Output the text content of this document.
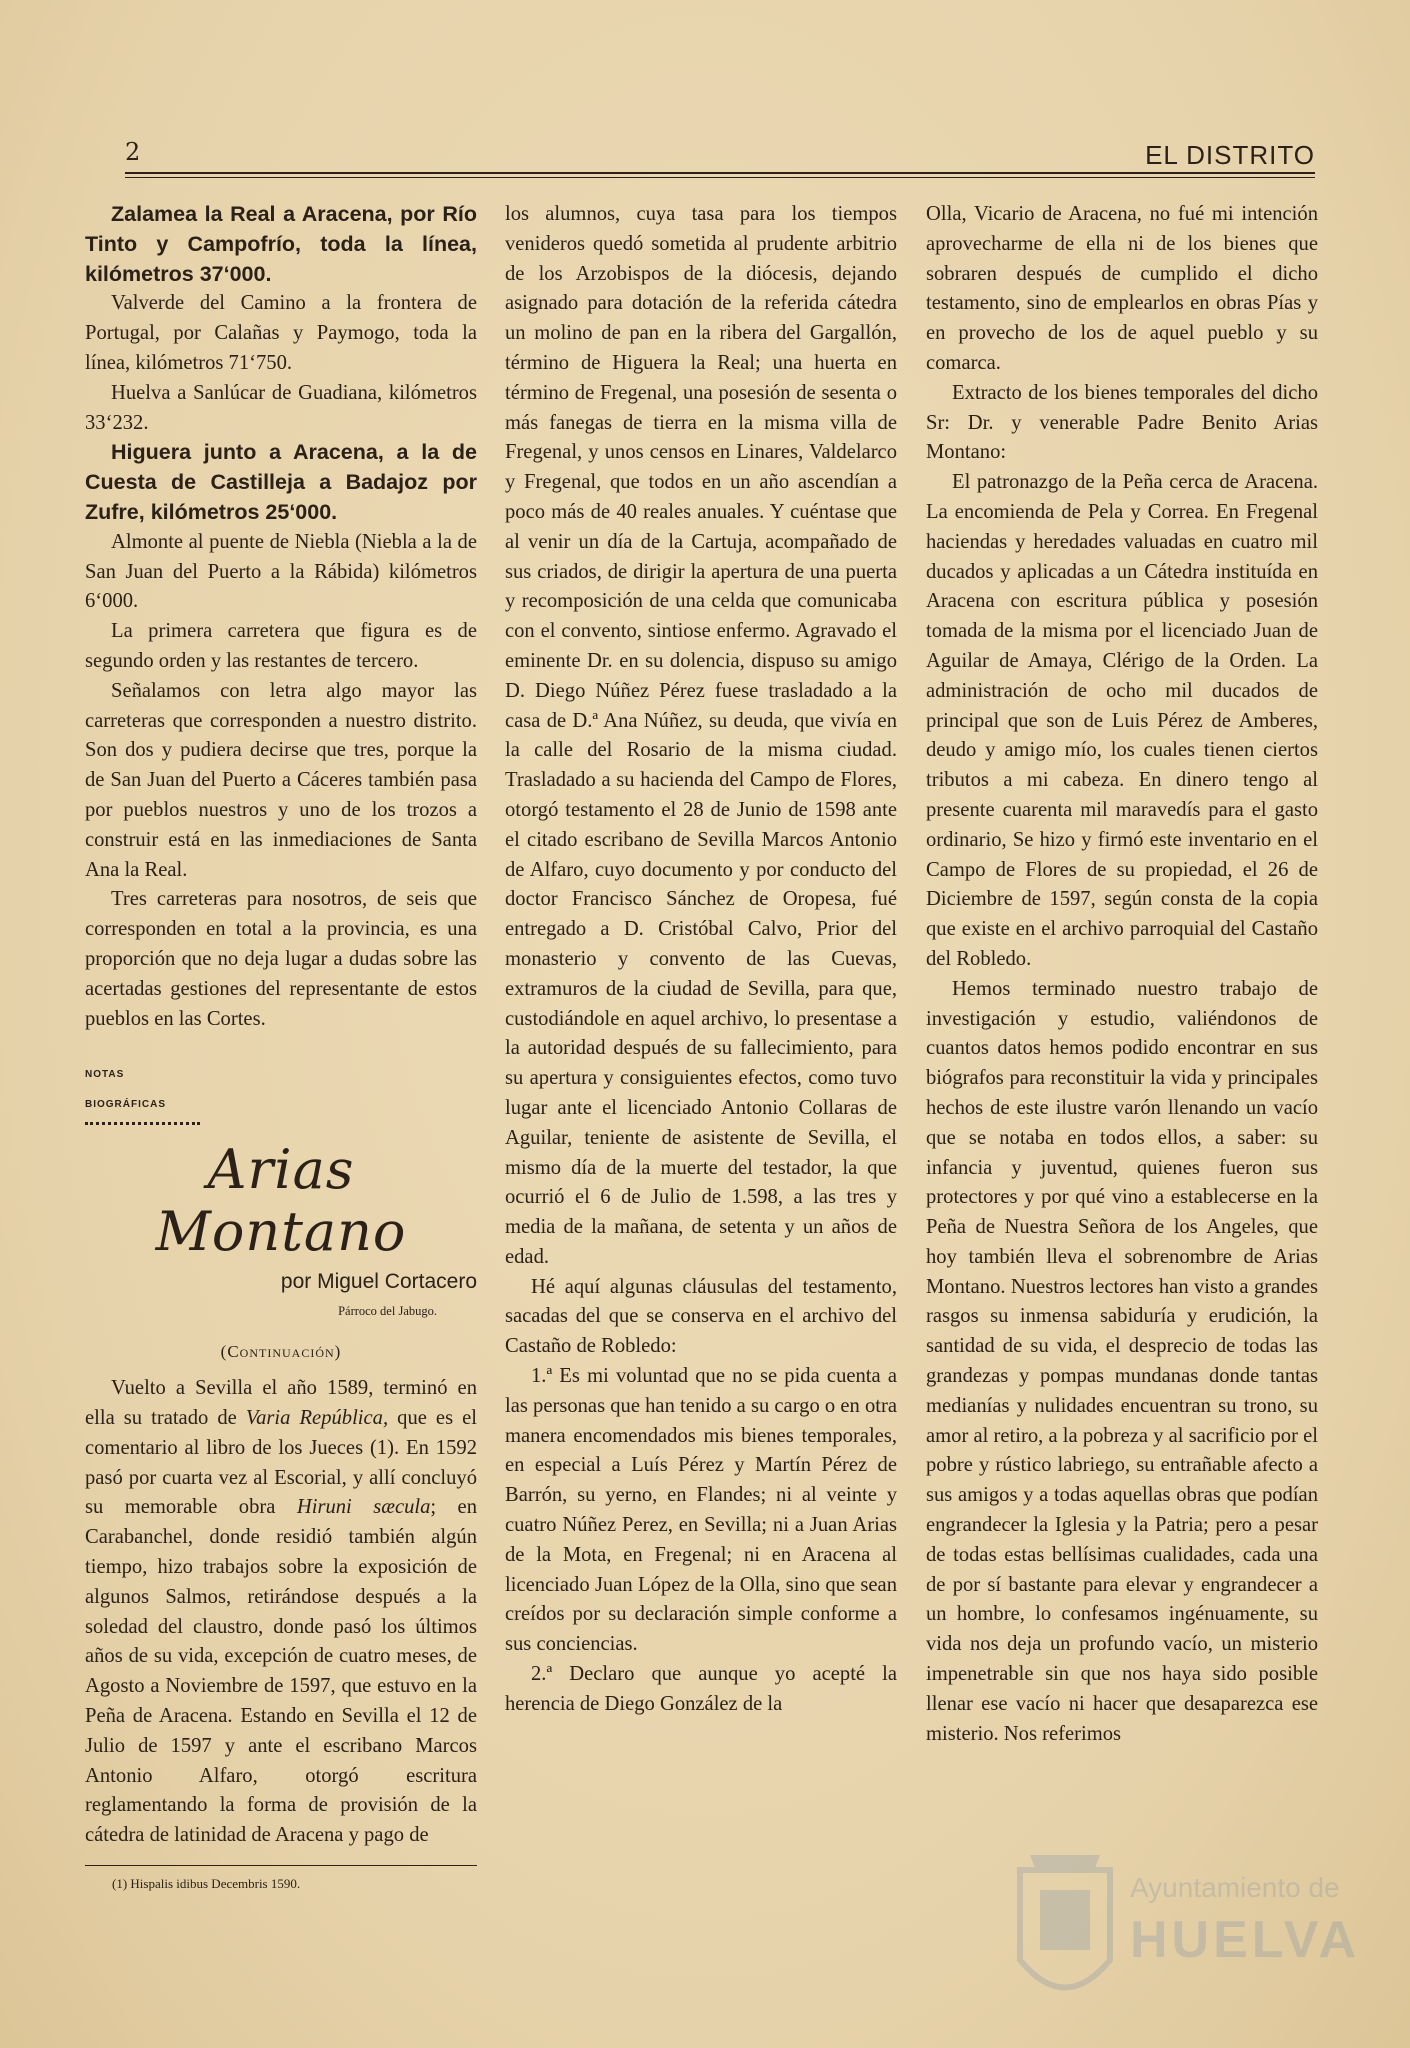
2	EL DISTRITO

Zalamea la Real a Aracena, por Río Tinto y Campofrío, toda la línea, kilómetros 37‘000.

Valverde del Camino a la frontera de Portugal, por Calañas y Paymogo, toda la línea, kilómetros 71‘750.

Huelva a Sanlúcar de Guadiana, kilómetros 33‘232.

Higuera junto a Aracena, a la de Cuesta de Castilleja a Badajoz por Zufre, kilómetros 25‘000.

Almonte al puente de Niebla (Niebla a la de San Juan del Puerto a la Rábida) kilómetros 6‘000.

La primera carretera que figura es de segundo orden y las restantes de tercero.

Señalamos con letra algo mayor las carreteras que corresponden a nuestro distrito. Son dos y pudiera decirse que tres, porque la de San Juan del Puerto a Cáceres también pasa por pueblos nuestros y uno de los trozos a construir está en las inmediaciones de Santa Ana la Real.

Tres carreteras para nosotros, de seis que corresponden en total a la provincia, es una proporción que no deja lugar a dudas sobre las acertadas gestiones del representante de estos pueblos en las Cortes.

NOTAS BIOGRÁFICAS
Arias Montano
por Miguel Cortacero
Párroco del Jabugo.
(Continuación)

Vuelto a Sevilla el año 1589, terminó en ella su tratado de Varia República, que es el comentario al libro de los Jueces (1). En 1592 pasó por cuarta vez al Escorial, y allí concluyó su memorable obra Hiruni sæcula; en Carabanchel, donde residió también algún tiempo, hizo trabajos sobre la exposición de algunos Salmos, retirándose después a la soledad del claustro, donde pasó los últimos años de su vida, excepción de cuatro meses, de Agosto a Noviembre de 1597, que estuvo en la Peña de Aracena. Estando en Sevilla el 12 de Julio de 1597 y ante el escribano Marcos Antonio Alfaro, otorgó escritura reglamentando la forma de provisión de la cátedra de latinidad de Aracena y pago de

(1) Hispalis idibus Decembris 1590.

los alumnos, cuya tasa para los tiempos venideros quedó sometida al prudente arbitrio de los Arzobispos de la diócesis, dejando asignado para dotación de la referida cátedra un molino de pan en la ribera del Gargallón, término de Higuera la Real; una huerta en término de Fregenal, una posesión de sesenta o más fanegas de tierra en la misma villa de Fregenal, y unos censos en Linares, Valdelarco y Fregenal, que todos en un año ascendían a poco más de 40 reales anuales. Y cuéntase que al venir un día de la Cartuja, acompañado de sus criados, de dirigir la apertura de una puerta y recomposición de una celda que comunicaba con el convento, sintiose enfermo. Agravado el eminente Dr. en su dolencia, dispuso su amigo D. Diego Núñez Pérez fuese trasladado a la casa de D.ª Ana Núñez, su deuda, que vivía en la calle del Rosario de la misma ciudad. Trasladado a su hacienda del Campo de Flores, otorgó testamento el 28 de Junio de 1598 ante el citado escribano de Sevilla Marcos Antonio de Alfaro, cuyo documento y por conducto del doctor Francisco Sánchez de Oropesa, fué entregado a D. Cristóbal Calvo, Prior del monasterio y convento de las Cuevas, extramuros de la ciudad de Sevilla, para que, custodiándole en aquel archivo, lo presentase a la autoridad después de su fallecimiento, para su apertura y consiguientes efectos, como tuvo lugar ante el licenciado Antonio Collaras de Aguilar, teniente de asistente de Sevilla, el mismo día de la muerte del testador, la que ocurrió el 6 de Julio de 1.598, a las tres y media de la mañana, de setenta y un años de edad.

Hé aquí algunas cláusulas del testamento, sacadas del que se conserva en el archivo del Castaño de Robledo:

1.ª Es mi voluntad que no se pida cuenta a las personas que han tenido a su cargo o en otra manera encomendados mis bienes temporales, en especial a Luís Pérez y Martín Pérez de Barrón, su yerno, en Flandes; ni al veinte y cuatro Núñez Perez, en Sevilla; ni a Juan Arias de la Mota, en Fregenal; ni en Aracena al licenciado Juan López de la Olla, sino que sean creídos por su declaración simple conforme a sus conciencias.

2.ª Declaro que aunque yo acepté la herencia de Diego González de la

Olla, Vicario de Aracena, no fué mi intención aprovecharme de ella ni de los bienes que sobraren después de cumplido el dicho testamento, sino de emplearlos en obras Pías y en provecho de los de aquel pueblo y su comarca.

Extracto de los bienes temporales del dicho Sr: Dr. y venerable Padre Benito Arias Montano:

El patronazgo de la Peña cerca de Aracena. La encomienda de Pela y Correa. En Fregenal haciendas y heredades valuadas en cuatro mil ducados y aplicadas a un Cátedra instituída en Aracena con escritura pública y posesión tomada de la misma por el licenciado Juan de Aguilar de Amaya, Clérigo de la Orden. La administración de ocho mil ducados de principal que son de Luis Pérez de Amberes, deudo y amigo mío, los cuales tienen ciertos tributos a mi cabeza. En dinero tengo al presente cuarenta mil maravedís para el gasto ordinario, Se hizo y firmó este inventario en el Campo de Flores de su propiedad, el 26 de Diciembre de 1597, según consta de la copia que existe en el archivo parroquial del Castaño del Robledo.

Hemos terminado nuestro trabajo de investigación y estudio, valiéndonos de cuantos datos hemos podido encontrar en sus biógrafos para reconstituir la vida y principales hechos de este ilustre varón llenando un vacío que se notaba en todos ellos, a saber: su infancia y juventud, quienes fueron sus protectores y por qué vino a establecerse en la Peña de Nuestra Señora de los Angeles, que hoy también lleva el sobrenombre de Arias Montano. Nuestros lectores han visto a grandes rasgos su inmensa sabiduría y erudición, la santidad de su vida, el desprecio de todas las grandezas y pompas mundanas donde tantas medianías y nulidades encuentran su trono, su amor al retiro, a la pobreza y al sacrificio por el pobre y rústico labriego, su entrañable afecto a sus amigos y a todas aquellas obras que podían engrandecer la Iglesia y la Patria; pero a pesar de todas estas bellísimas cualidades, cada una de por sí bastante para elevar y engrandecer a un hombre, lo confesamos ingénuamente, su vida nos deja un profundo vacío, un misterio impenetrable sin que nos haya sido posible llenar ese vacío ni hacer que desaparezca ese misterio. Nos referimos

Ayuntamiento de
HUELVA
